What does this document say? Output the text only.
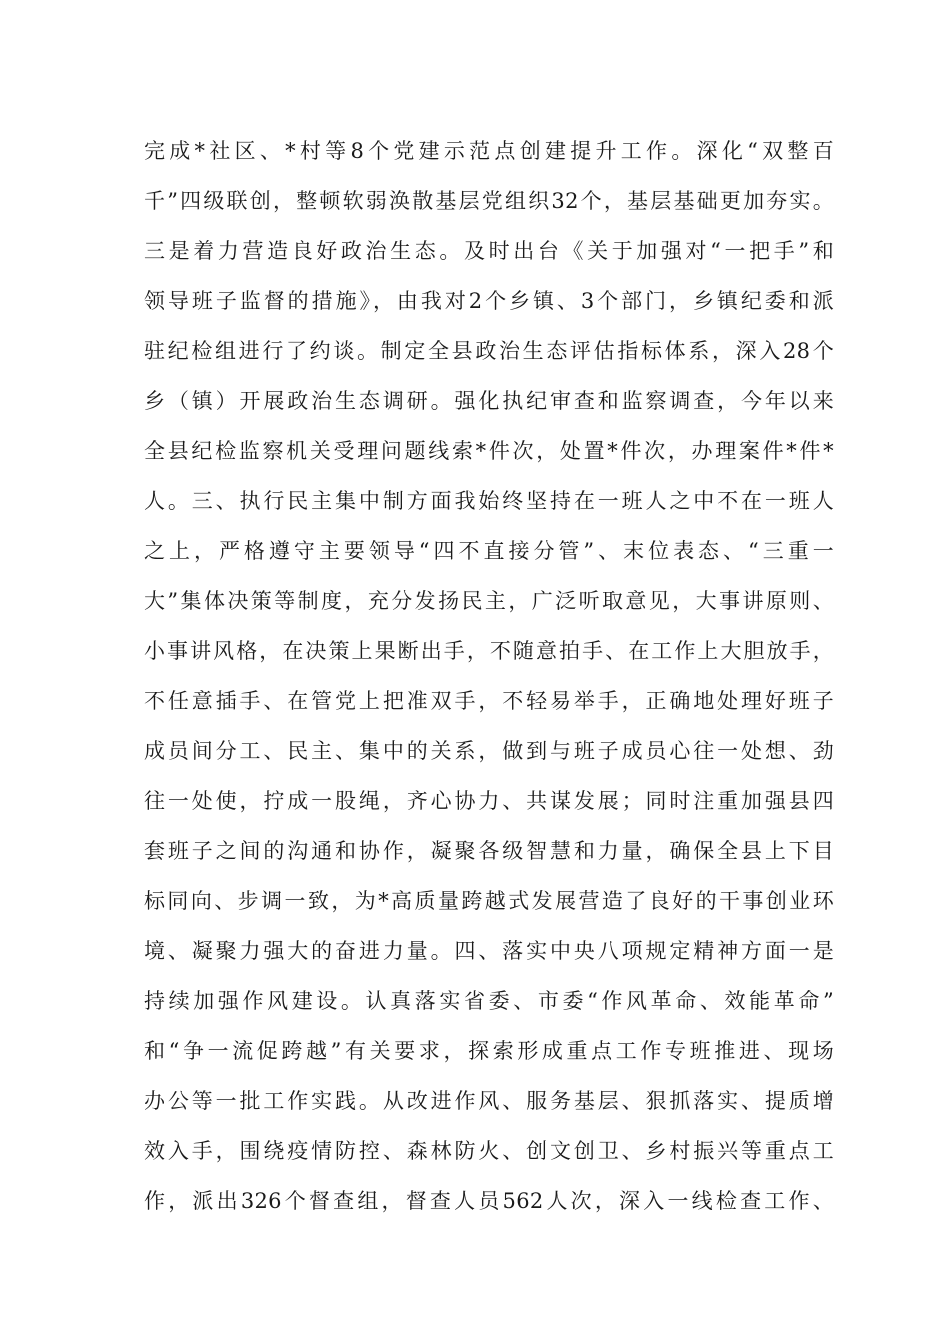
完成*社区、*村等8个党建示范点创建提升工作。深化“双整百
千”四级联创，整顿软弱涣散基层党组织32个，基层基础更加夯实。
三是着力营造良好政治生态。及时出台《关于加强对“一把手”和
领导班子监督的措施》，由我对2个乡镇、3个部门，乡镇纪委和派
驻纪检组进行了约谈。制定全县政治生态评估指标体系，深入28个
乡（镇）开展政治生态调研。强化执纪审查和监察调查，今年以来
全县纪检监察机关受理问题线索*件次，处置*件次，办理案件*件*
人。三、执行民主集中制方面我始终坚持在一班人之中不在一班人
之上，严格遵守主要领导“四不直接分管”、末位表态、“三重一
大”集体决策等制度，充分发扬民主，广泛听取意见，大事讲原则、
小事讲风格，在决策上果断出手，不随意拍手、在工作上大胆放手，
不任意插手、在管党上把准双手，不轻易举手，正确地处理好班子
成员间分工、民主、集中的关系，做到与班子成员心往一处想、劲
往一处使，拧成一股绳，齐心协力、共谋发展；同时注重加强县四
套班子之间的沟通和协作，凝聚各级智慧和力量，确保全县上下目
标同向、步调一致，为*高质量跨越式发展营造了良好的干事创业环
境、凝聚力强大的奋进力量。四、落实中央八项规定精神方面一是
持续加强作风建设。认真落实省委、市委“作风革命、效能革命”
和“争一流促跨越”有关要求，探索形成重点工作专班推进、现场
办公等一批工作实践。从改进作风、服务基层、狠抓落实、提质增
效入手，围绕疫情防控、森林防火、创文创卫、乡村振兴等重点工
作，派出326个督查组，督查人员562人次，深入一线检查工作、
